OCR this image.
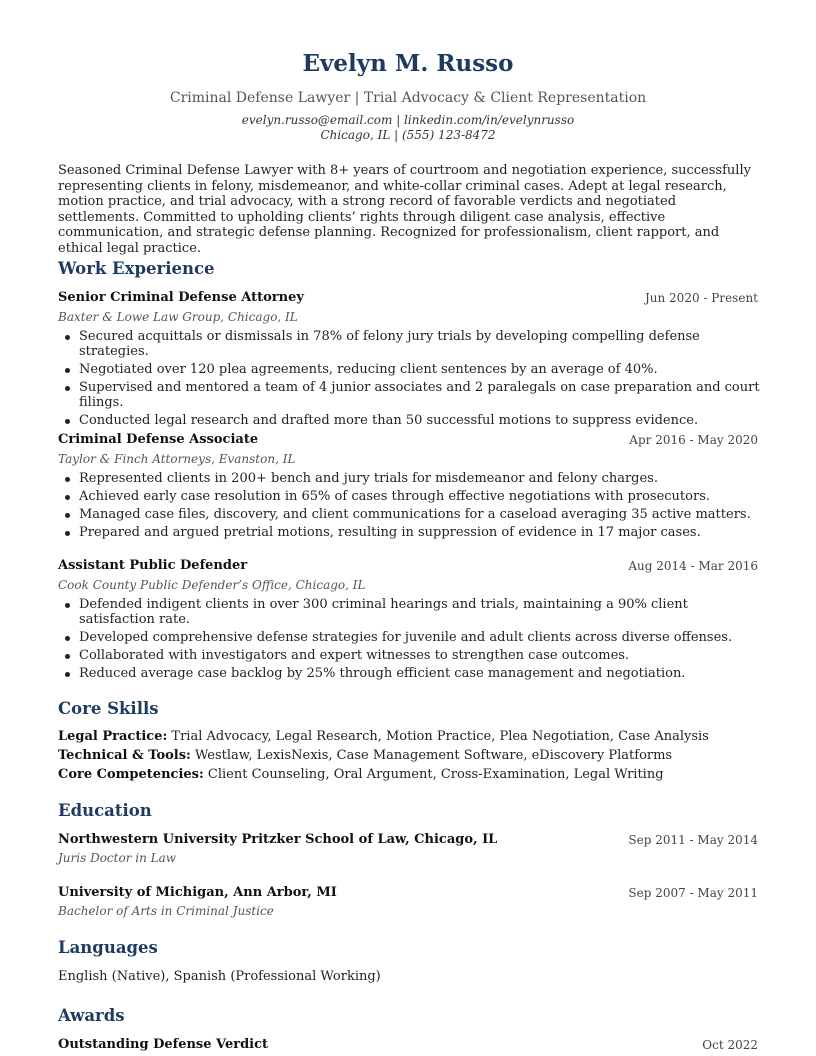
Evelyn M. Russo
Criminal Defense Lawyer | Trial Advocacy & Client Representation
evelyn.russo@email.com | linkedin.com/in/evelynrusso
Chicago, IL | (555) 123-8472

Seasoned Criminal Defense Lawyer with 8+ years of courtroom and negotiation experience, successfully representing clients in felony, misdemeanor, and white-collar criminal cases. Adept at legal research, motion practice, and trial advocacy, with a strong record of favorable verdicts and negotiated settlements. Committed to upholding clients’ rights through diligent case analysis, effective communication, and strategic defense planning. Recognized for professionalism, client rapport, and ethical legal practice.

Work Experience
Senior Criminal Defense Attorney	Jun 2020 - Present
Baxter & Lowe Law Group, Chicago, IL
Secured acquittals or dismissals in 78% of felony jury trials by developing compelling defense strategies.
Negotiated over 120 plea agreements, reducing client sentences by an average of 40%.
Supervised and mentored a team of 4 junior associates and 2 paralegals on case preparation and court filings.
Conducted legal research and drafted more than 50 successful motions to suppress evidence.
Criminal Defense Associate	Apr 2016 - May 2020
Taylor & Finch Attorneys, Evanston, IL
Represented clients in 200+ bench and jury trials for misdemeanor and felony charges.
Achieved early case resolution in 65% of cases through effective negotiations with prosecutors.
Managed case files, discovery, and client communications for a caseload averaging 35 active matters.
Prepared and argued pretrial motions, resulting in suppression of evidence in 17 major cases.
Assistant Public Defender	Aug 2014 - Mar 2016
Cook County Public Defender’s Office, Chicago, IL
Defended indigent clients in over 300 criminal hearings and trials, maintaining a 90% client satisfaction rate.
Developed comprehensive defense strategies for juvenile and adult clients across diverse offenses.
Collaborated with investigators and expert witnesses to strengthen case outcomes.
Reduced average case backlog by 25% through efficient case management and negotiation.
Core Skills
Legal Practice: Trial Advocacy, Legal Research, Motion Practice, Plea Negotiation, Case Analysis
Technical & Tools: Westlaw, LexisNexis, Case Management Software, eDiscovery Platforms
Core Competencies: Client Counseling, Oral Argument, Cross-Examination, Legal Writing
Education
Northwestern University Pritzker School of Law, Chicago, IL	Sep 2011 - May 2014
Juris Doctor in Law
University of Michigan, Ann Arbor, MI	Sep 2007 - May 2011
Bachelor of Arts in Criminal Justice
Languages
English (Native), Spanish (Professional Working)
Awards
Outstanding Defense Verdict	Oct 2022
